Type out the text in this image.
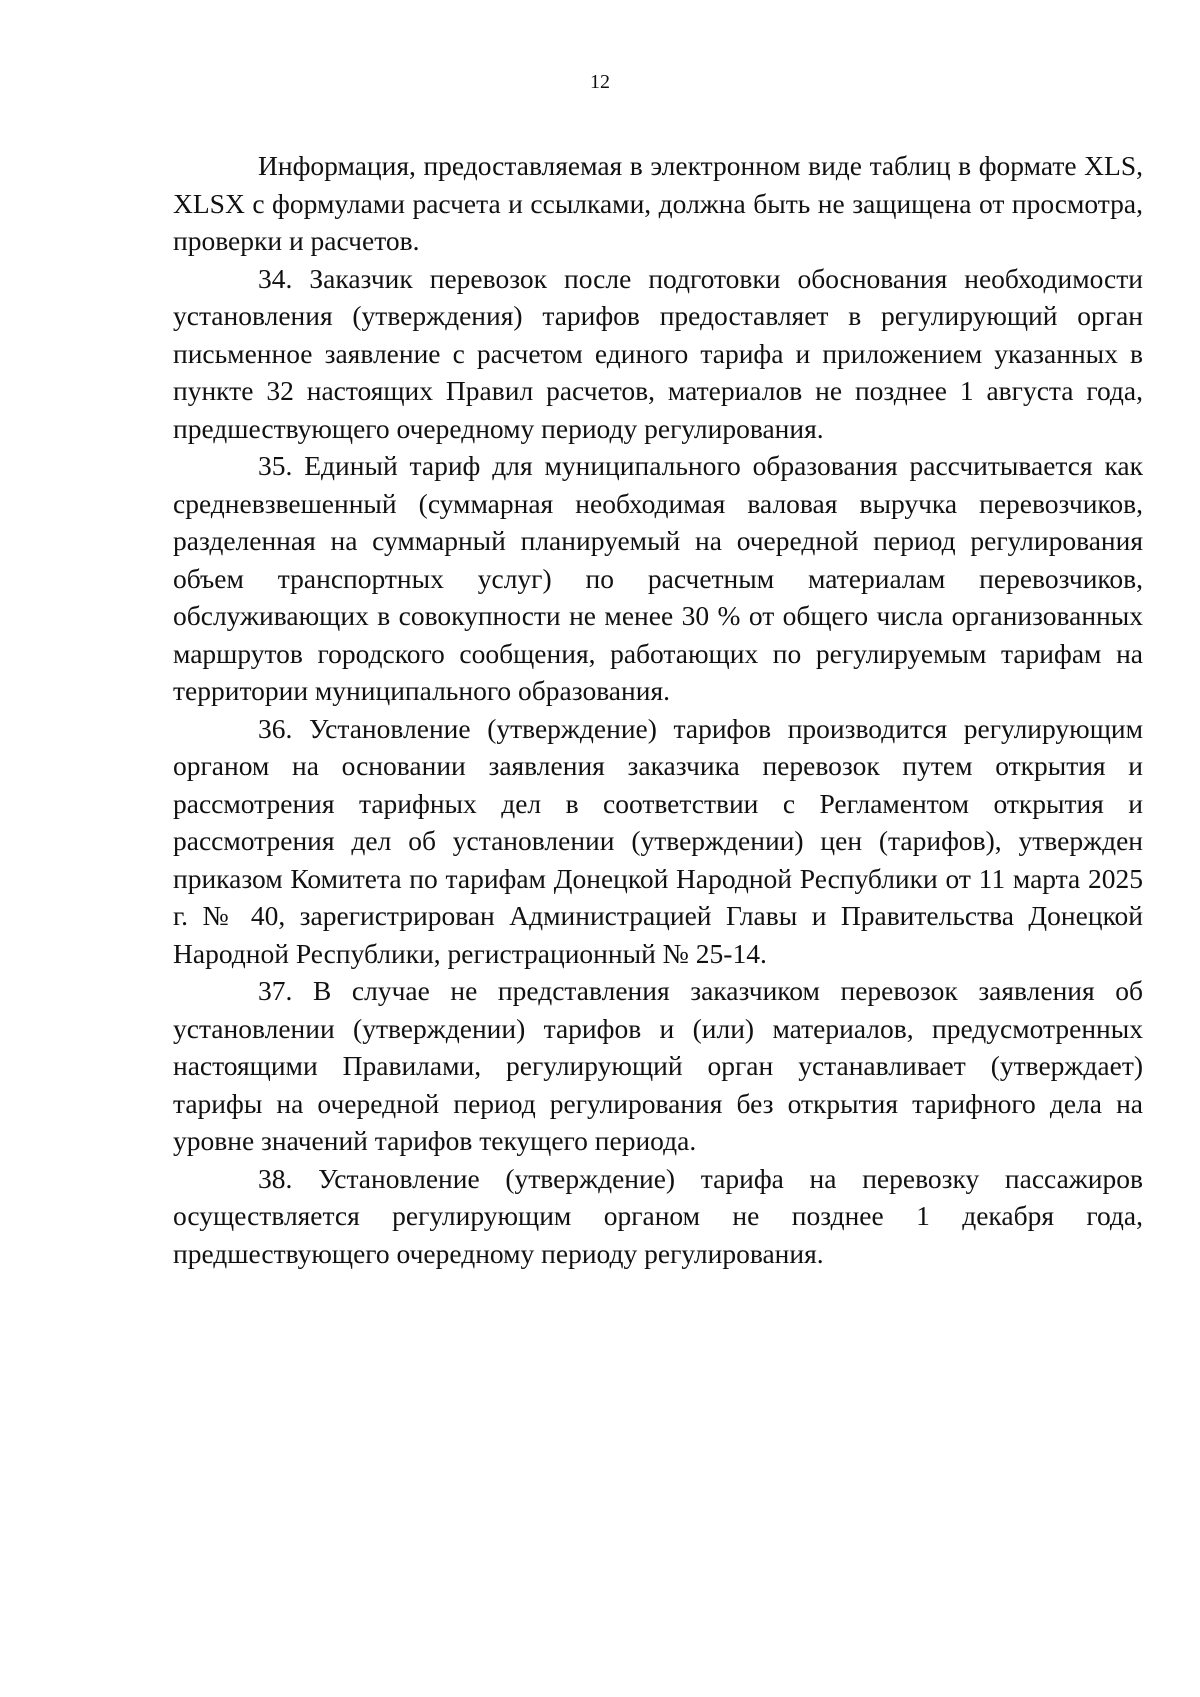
12

Информация, предоставляемая в электронном виде таблиц в формате XLS, XLSX с формулами расчета и ссылками, должна быть не защищена от просмотра, проверки и расчетов.

34. Заказчик перевозок после подготовки обоснования необходимости установления (утверждения) тарифов предоставляет в регулирующий орган письменное заявление с расчетом единого тарифа и приложением указанных в пункте 32 настоящих Правил расчетов, материалов не позднее 1 августа года, предшествующего очередному периоду регулирования.

35. Единый тариф для муниципального образования рассчитывается как средневзвешенный (суммарная необходимая валовая выручка перевозчиков, разделенная на суммарный планируемый на очередной период регулирования объем транспортных услуг) по расчетным материалам перевозчиков, обслуживающих в совокупности не менее 30 % от общего числа организованных маршрутов городского сообщения, работающих по регулируемым тарифам на территории муниципального образования.

36. Установление (утверждение) тарифов производится регулирующим органом на основании заявления заказчика перевозок путем открытия и рассмотрения тарифных дел в соответствии с Регламентом открытия и рассмотрения дел об установлении (утверждении) цен (тарифов), утвержден приказом Комитета по тарифам Донецкой Народной Республики от 11 марта 2025 г. № 40, зарегистрирован Администрацией Главы и Правительства Донецкой Народной Республики, регистрационный № 25-14.

37. В случае не представления заказчиком перевозок заявления об установлении (утверждении) тарифов и (или) материалов, предусмотренных настоящими Правилами, регулирующий орган устанавливает (утверждает) тарифы на очередной период регулирования без открытия тарифного дела на уровне значений тарифов текущего периода.

38. Установление (утверждение) тарифа на перевозку пассажиров осуществляется регулирующим органом не позднее 1 декабря года, предшествующего очередному периоду регулирования.
